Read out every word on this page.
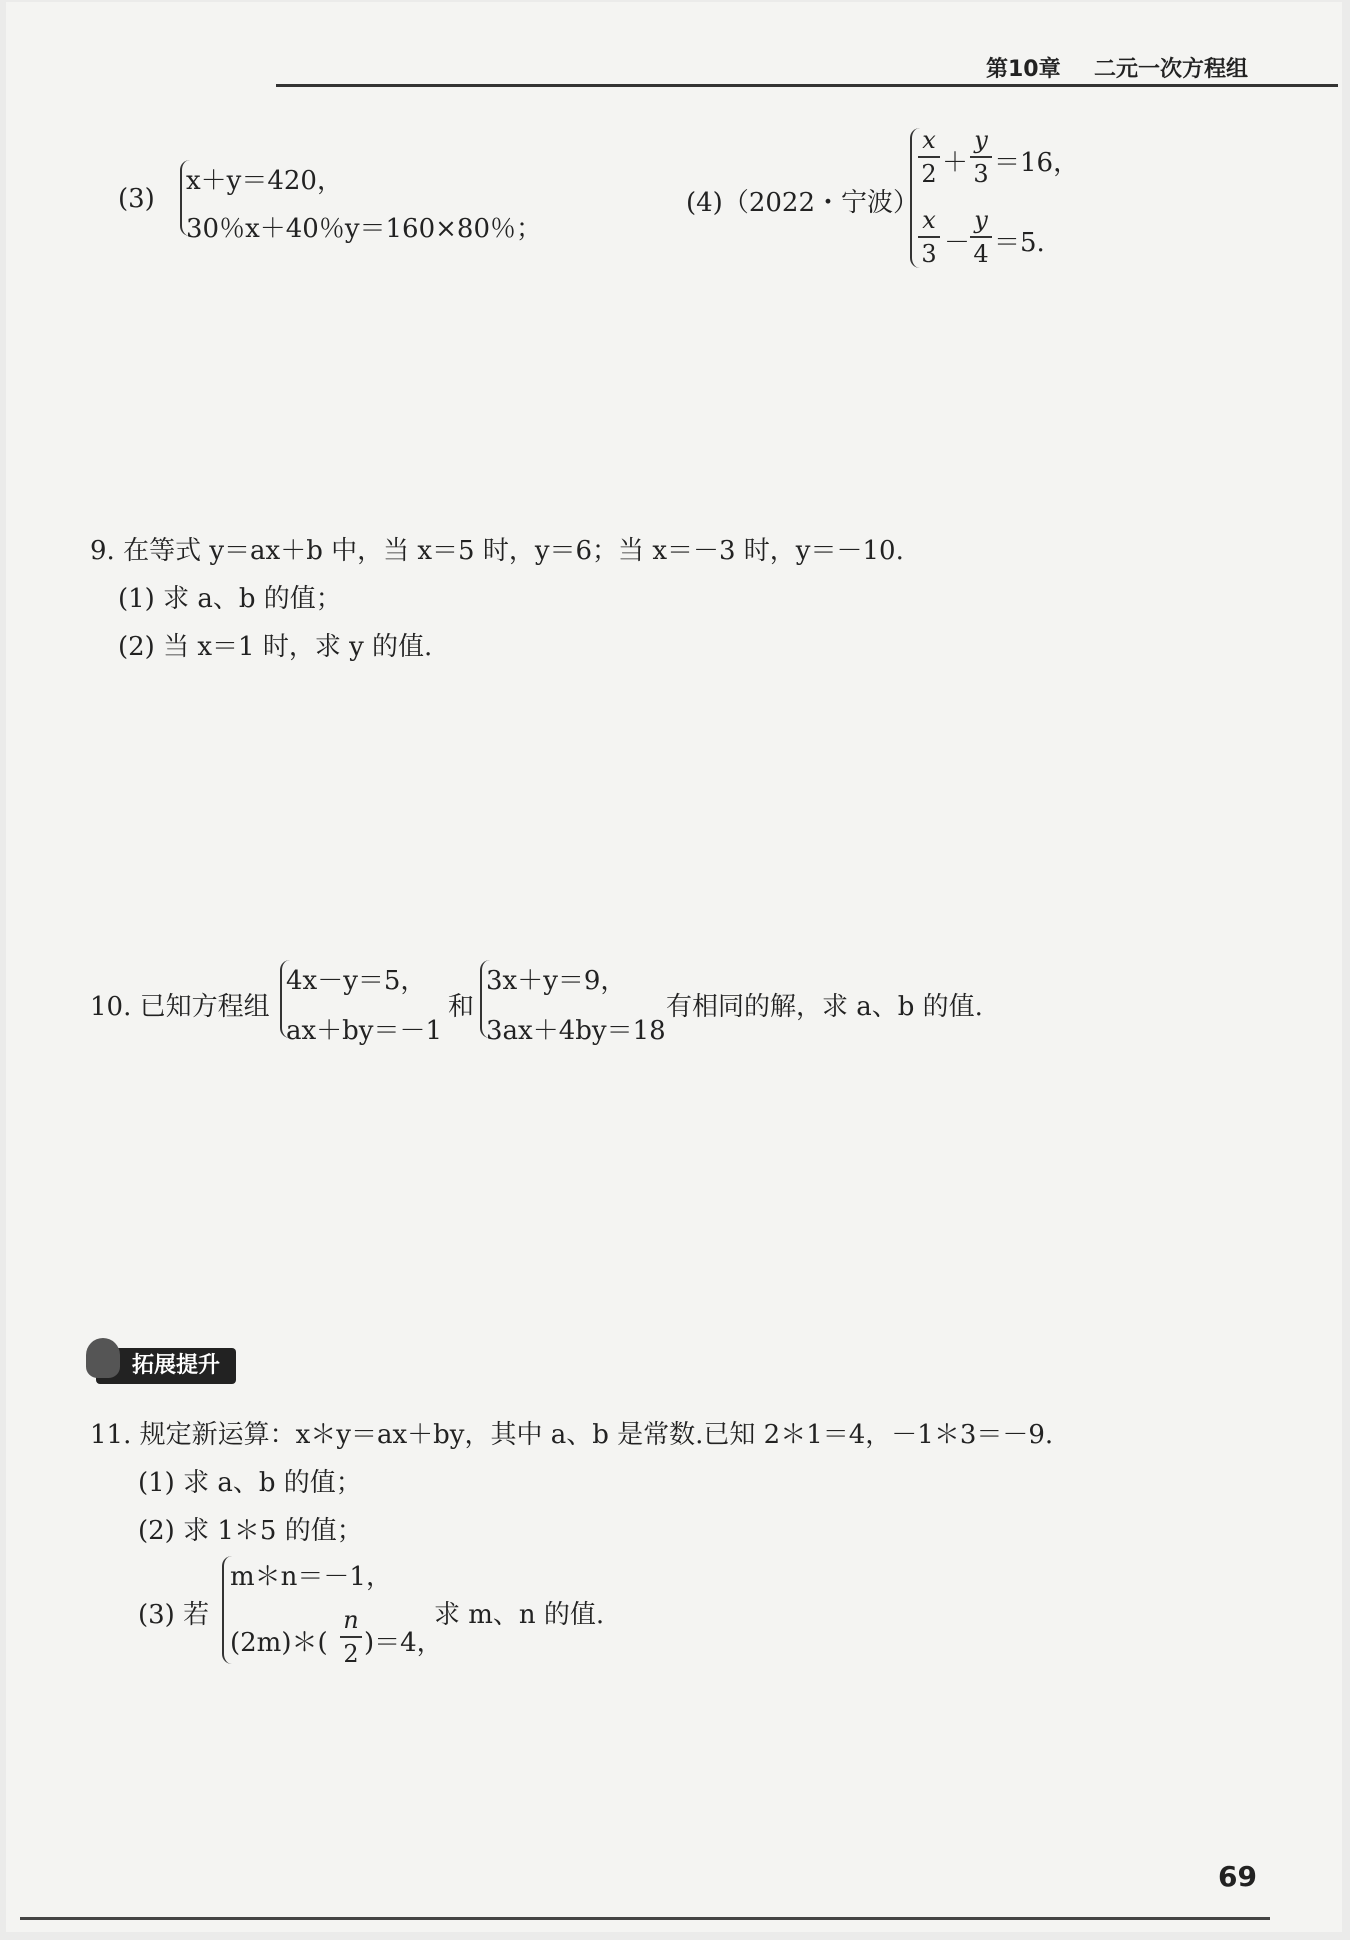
第10章 二元一次方程组
(3)
x＋y＝420，
30％x＋40％y＝160×80％；
(4)（2022・宁波）
x
2 ＋
y
3 ＝16，
x
3 －
y
4 ＝5.
9. 在等式 y＝ax＋b 中，当 x＝5 时，y＝6；当 x＝－3 时，y＝－10.
(1) 求 a、b 的值；
(2) 当 x＝1 时，求 y 的值.
10. 已知方程组
4x－y＝5，
ax＋by＝－1
和
3x＋y＝9，
3ax＋4by＝18
有相同的解，求 a、b 的值.
拓展提升
11. 规定新运算：x＊y＝ax＋by，其中 a、b 是常数.已知 2＊1＝4，－1＊3＝－9.
(1) 求 a、b 的值；
(2) 求 1＊5 的值；
(3) 若
m＊n＝－1，
(2m)＊(
n
2 )＝4，
求 m、n 的值.
69
